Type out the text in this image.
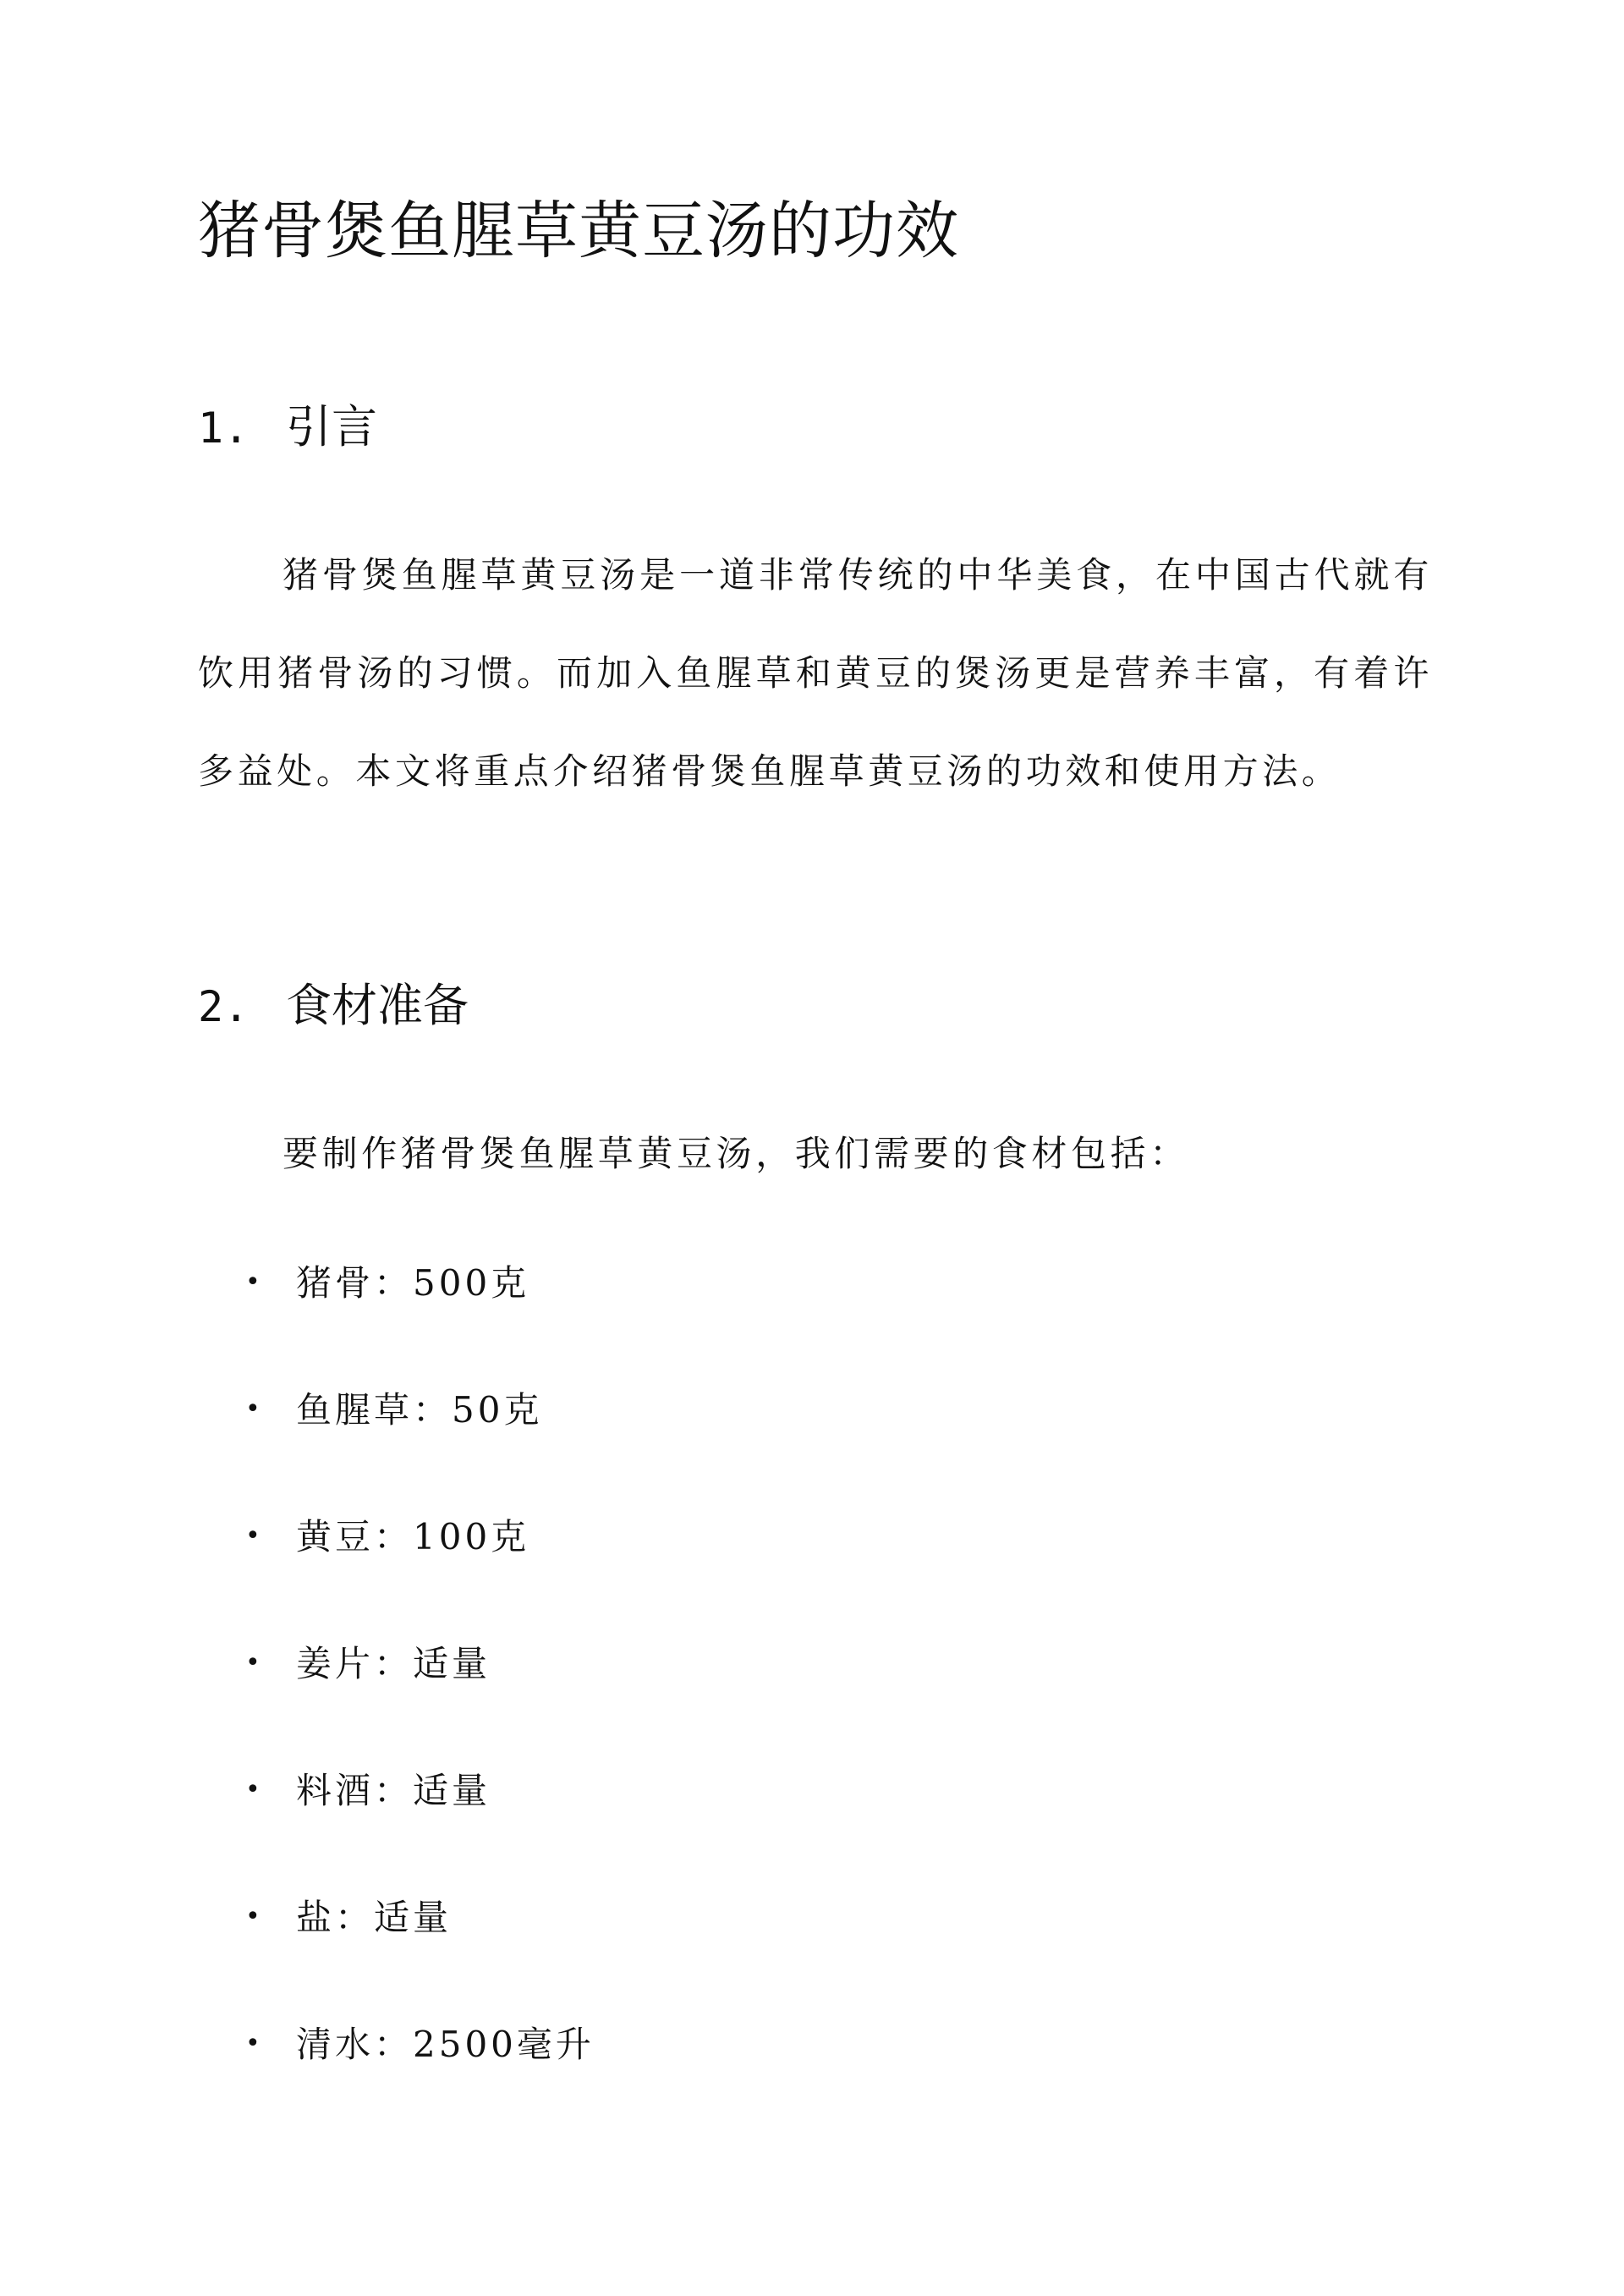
猪骨煲鱼腥草黄豆汤的功效
1. 引言

猪骨煲鱼腥草黄豆汤是一道非常传统的中华美食，在中国古代就有饮用猪骨汤的习惯。而加入鱼腥草和黄豆的煲汤更是营养丰富，有着许多益处。本文将重点介绍猪骨煲鱼腥草黄豆汤的功效和使用方法。

2. 食材准备

要制作猪骨煲鱼腥草黄豆汤，我们需要的食材包括：

• 猪骨：500克
• 鱼腥草：50克
• 黄豆：100克
• 姜片：适量
• 料酒：适量
• 盐：适量
• 清水：2500毫升
